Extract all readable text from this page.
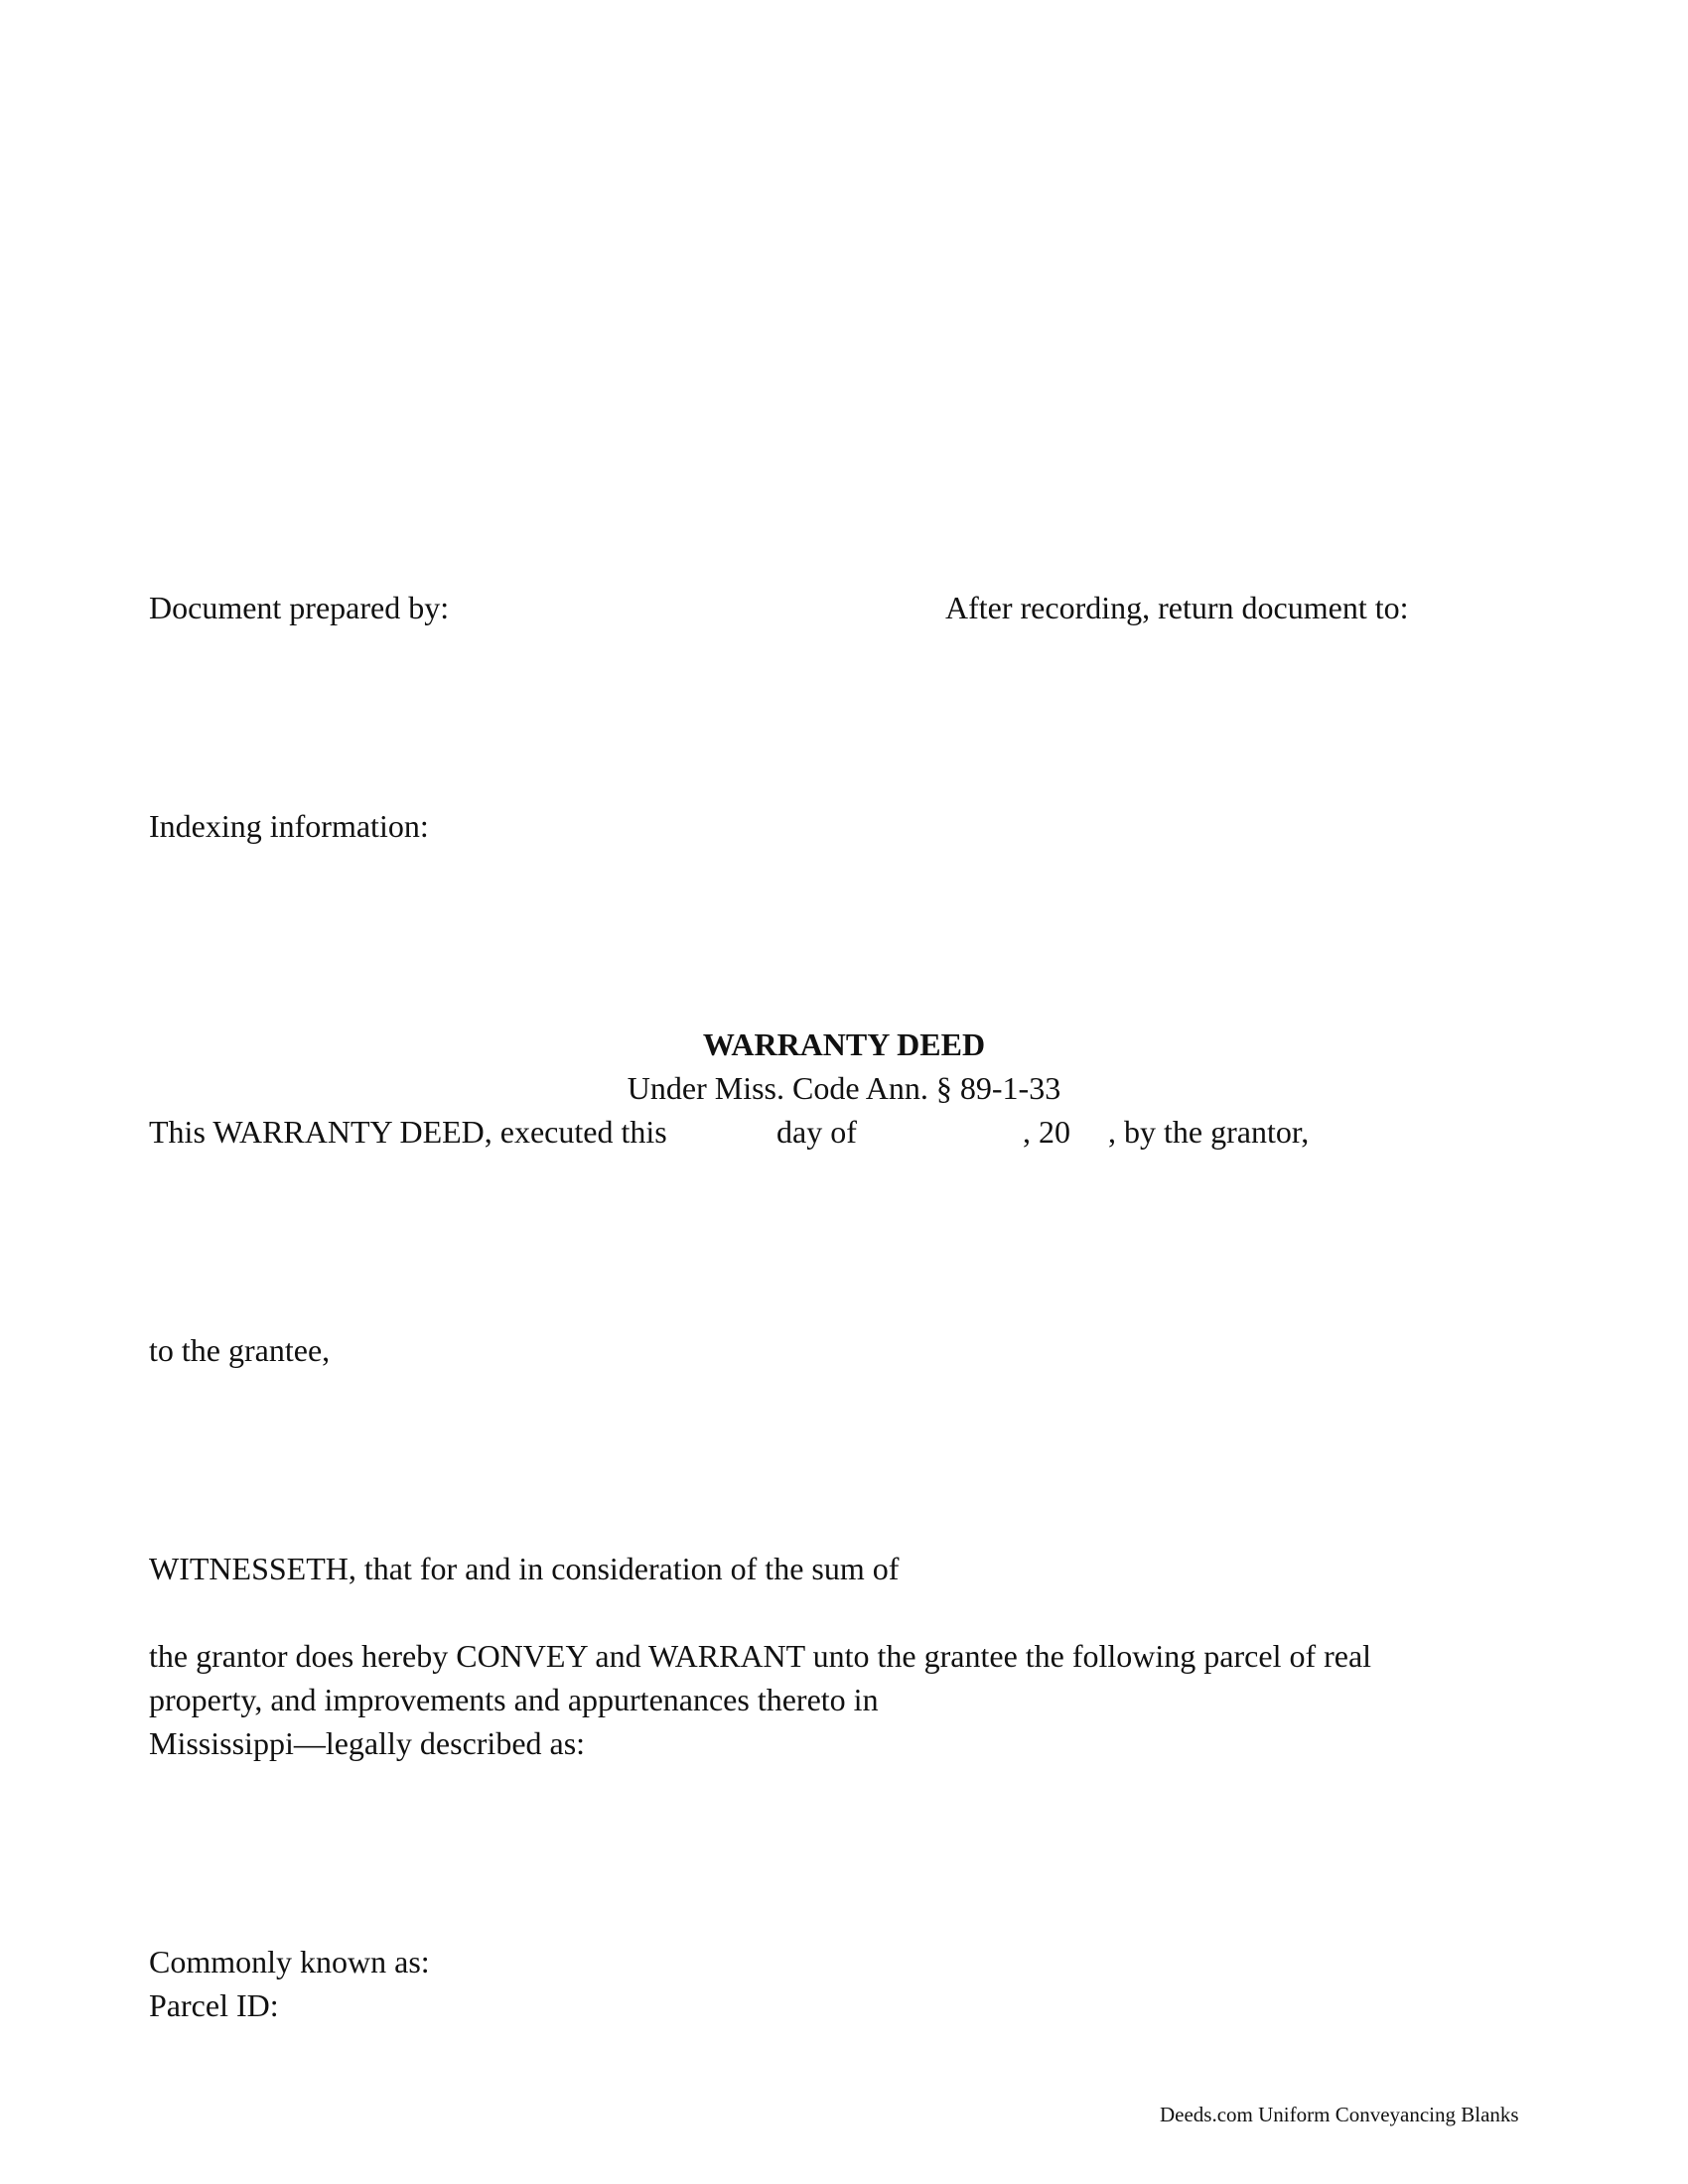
Document prepared by:	After recording, return document to:

Indexing information:

WARRANTY DEED

Under Miss. Code Ann. § 89-1-33

This WARRANTY DEED, executed this	day of	, 20 , by the grantor,

to the grantee,

WITNESSETH, that for and in consideration of the sum of

the grantor does hereby CONVEY and WARRANT unto the grantee the following parcel of real

property, and improvements and appurtenances thereto in

Mississippi—legally described as:

Commonly known as:

Parcel ID:

Deeds.com Uniform Conveyancing Blanks
